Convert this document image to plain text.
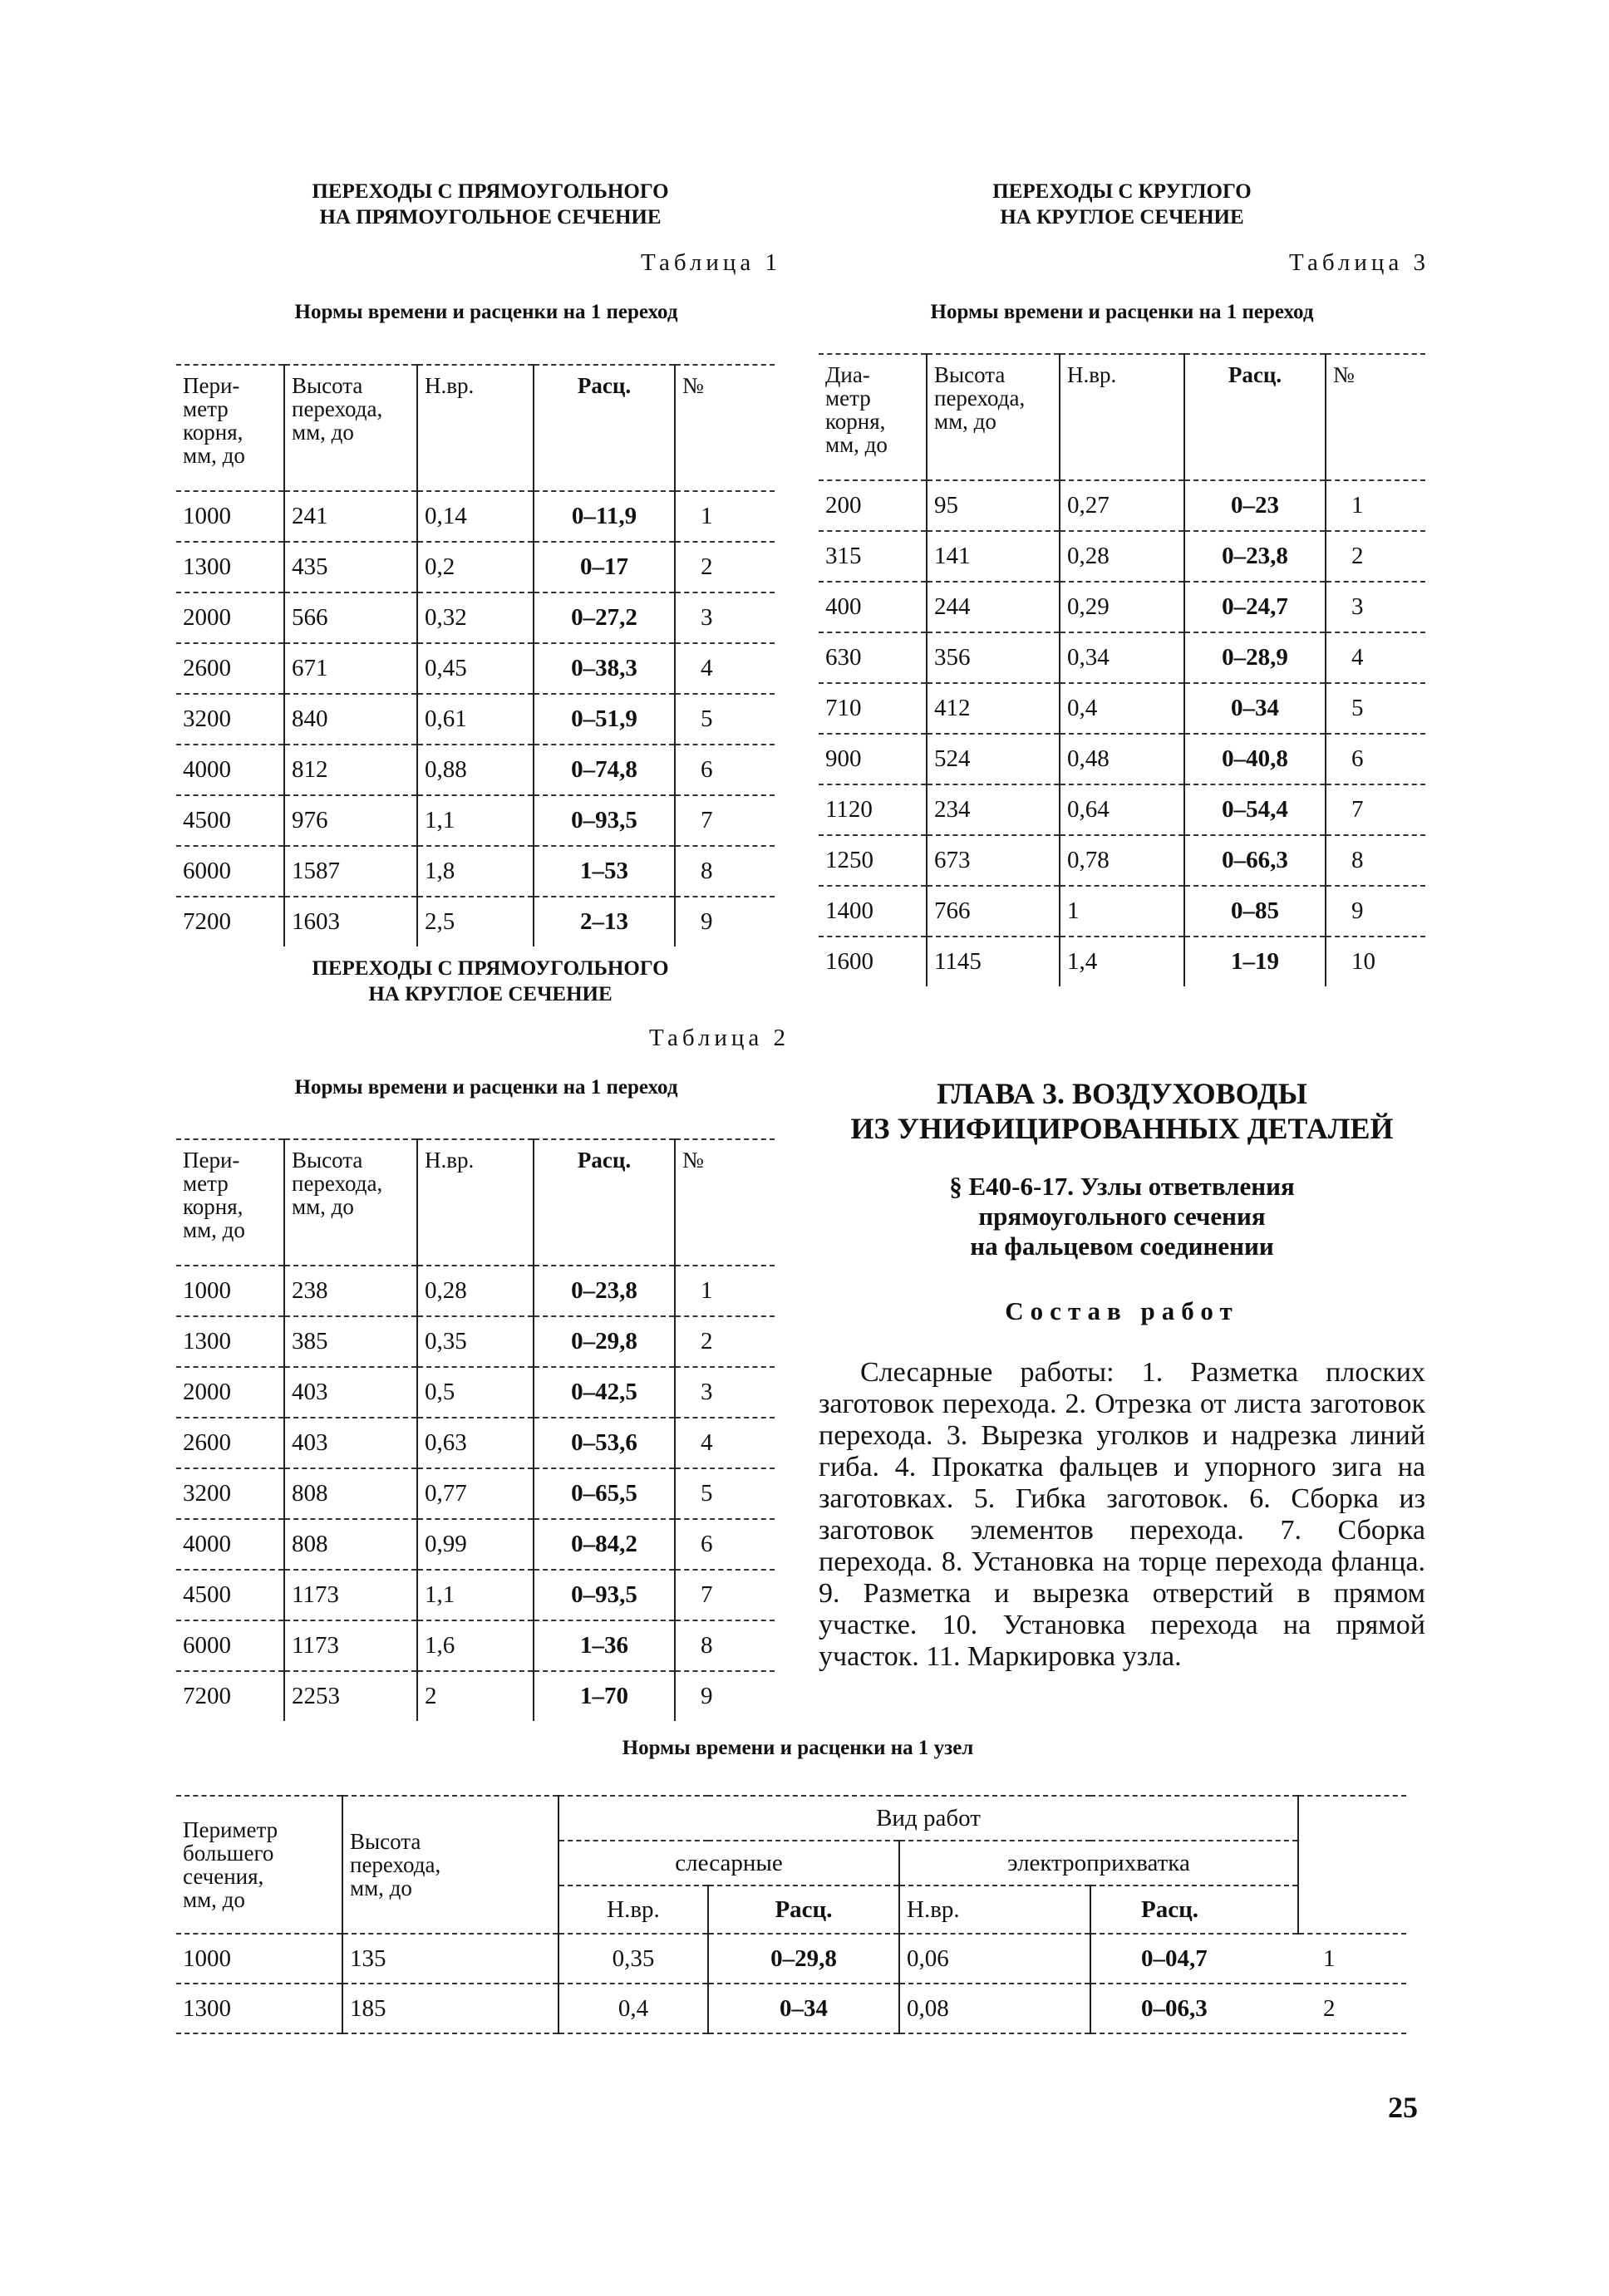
ПЕРЕХОДЫ С ПРЯМОУГОЛЬНОГО
НА ПРЯМОУГОЛЬНОЕ СЕЧЕНИЕ
Таблица 1
Нормы времени и расценки на 1 переход
Пери-
метр
корня,
мм, до	Высота
перехода,
мм, до	Н.вр.	Расц.	№
1000	241	0,14	0–11,9	1
1300	435	0,2	0–17	2
2000	566	0,32	0–27,2	3
2600	671	0,45	0–38,3	4
3200	840	0,61	0–51,9	5
4000	812	0,88	0–74,8	6
4500	976	1,1	0–93,5	7
6000	1587	1,8	1–53	8
7200	1603	2,5	2–13	9
ПЕРЕХОДЫ С ПРЯМОУГОЛЬНОГО
НА КРУГЛОЕ СЕЧЕНИЕ
Таблица 2
Нормы времени и расценки на 1 переход
Пери-
метр
корня,
мм, до	Высота
перехода,
мм, до	Н.вр.	Расц.	№
1000	238	0,28	0–23,8	1
1300	385	0,35	0–29,8	2
2000	403	0,5	0–42,5	3
2600	403	0,63	0–53,6	4
3200	808	0,77	0–65,5	5
4000	808	0,99	0–84,2	6
4500	1173	1,1	0–93,5	7
6000	1173	1,6	1–36	8
7200	2253	2	1–70	9
ПЕРЕХОДЫ С КРУГЛОГО
НА КРУГЛОЕ СЕЧЕНИЕ
Таблица 3
Нормы времени и расценки на 1 переход
Диа-
метр
корня,
мм, до	Высота
перехода,
мм, до	Н.вр.	Расц.	№
200	95	0,27	0–23	1
315	141	0,28	0–23,8	2
400	244	0,29	0–24,7	3
630	356	0,34	0–28,9	4
710	412	0,4	0–34	5
900	524	0,48	0–40,8	6
1120	234	0,64	0–54,4	7
1250	673	0,78	0–66,3	8
1400	766	1	0–85	9
1600	1145	1,4	1–19	10
ГЛАВА 3. ВОЗДУХОВОДЫ
ИЗ УНИФИЦИРОВАННЫХ ДЕТАЛЕЙ
§ Е40-6-17. Узлы ответвления
прямоугольного сечения
на фальцевом соединении
Состав работ
Слесарные работы: 1. Разметка плоских заготовок перехода. 2. Отрезка от листа заготовок перехода. 3. Вырезка уголков и надрезка линий гиба. 4. Прокатка фальцев и упорного зига на заготовках. 5. Гибка заготовок. 6. Сборка из заготовок элементов перехода. 7. Сборка перехода. 8. Установка на торце перехода фланца. 9. Разметка и вырезка отверстий в прямом участке. 10. Установка перехода на прямой участок. 11. Маркировка узла.
Нормы времени и расценки на 1 узел
Периметр
большего
сечения,
мм, до	Высота
перехода,
мм, до	Вид работ				
		слесарные		электроприхватка		
		Н.вр.	Расц.	Н.вр.	Расц.	
1000	135	0,35	0–29,8	0,06	0–04,7	1
1300	185	0,4	0–34	0,08	0–06,3	2
25
